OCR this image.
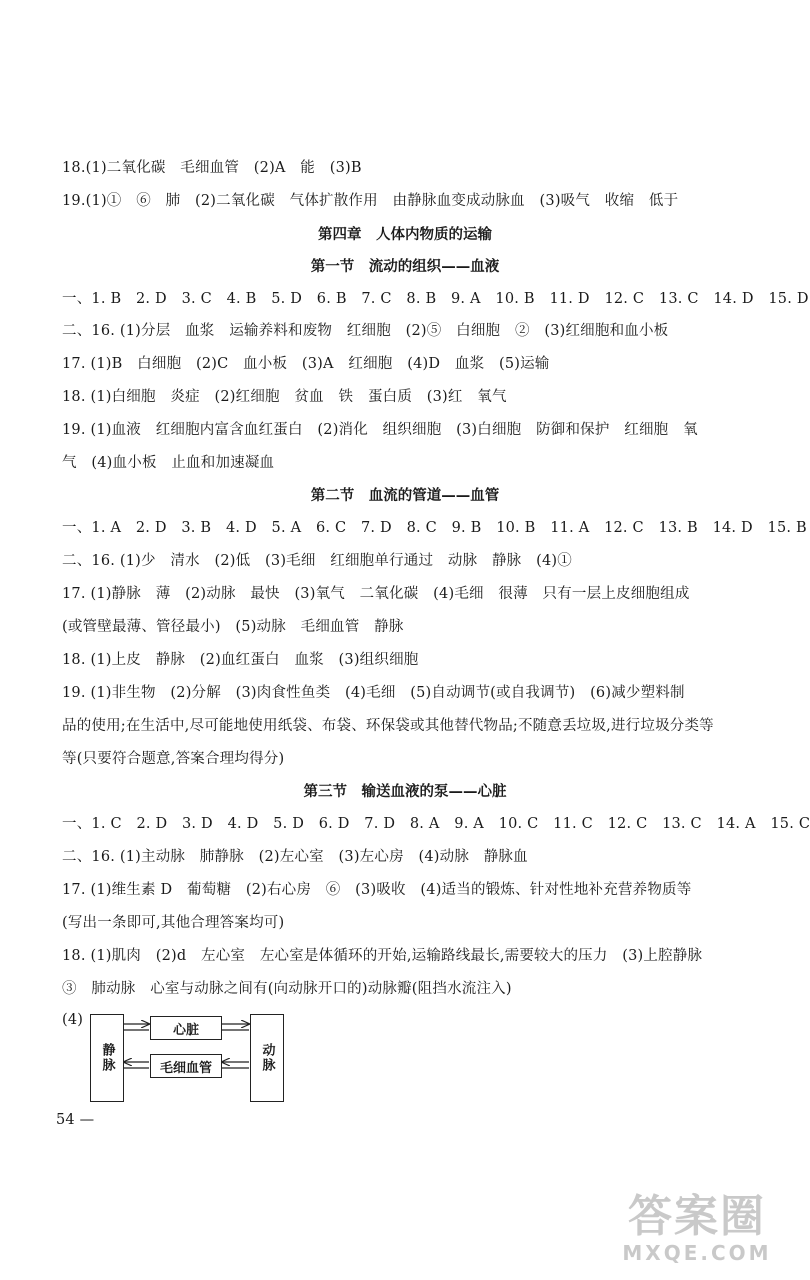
18.(1)二氧化碳　毛细血管　(2)A　能　(3)B
19.(1)①　⑥　肺　(2)二氧化碳　气体扩散作用　由静脉血变成动脉血　(3)吸气　收缩　低于
第四章　人体内物质的运输
第一节　流动的组织——血液
一、1. B　2. D　3. C　4. B　5. D　6. B　7. C　8. B　9. A　10. B　11. D　12. C　13. C　14. D　15. D
二、16. (1)分层　血浆　运输养料和废物　红细胞　(2)⑤　白细胞　②　(3)红细胞和血小板
17. (1)B　白细胞　(2)C　血小板　(3)A　红细胞　(4)D　血浆　(5)运输
18. (1)白细胞　炎症　(2)红细胞　贫血　铁　蛋白质　(3)红　氧气
19. (1)血液　红细胞内富含血红蛋白　(2)消化　组织细胞　(3)白细胞　防御和保护　红细胞　氧
气　(4)血小板　止血和加速凝血
第二节　血流的管道——血管
一、1. A　2. D　3. B　4. D　5. A　6. C　7. D　8. C　9. B　10. B　11. A　12. C　13. B　14. D　15. B
二、16. (1)少　清水　(2)低　(3)毛细　红细胞单行通过　动脉　静脉　(4)①
17. (1)静脉　薄　(2)动脉　最快　(3)氧气　二氧化碳　(4)毛细　很薄　只有一层上皮细胞组成
(或管壁最薄、管径最小)　(5)动脉　毛细血管　静脉
18. (1)上皮　静脉　(2)血红蛋白　血浆　(3)组织细胞
19. (1)非生物　(2)分解　(3)肉食性鱼类　(4)毛细　(5)自动调节(或自我调节)　(6)减少塑料制
品的使用;在生活中,尽可能地使用纸袋、布袋、环保袋或其他替代物品;不随意丢垃圾,进行垃圾分类等
等(只要符合题意,答案合理均得分)
第三节　输送血液的泵——心脏
一、1. C　2. D　3. D　4. D　5. D　6. D　7. D　8. A　9. A　10. C　11. C　12. C　13. C　14. A　15. C
二、16. (1)主动脉　肺静脉　(2)左心室　(3)左心房　(4)动脉　静脉血
17. (1)维生素 D　葡萄糖　(2)右心房　⑥　(3)吸收　(4)适当的锻炼、针对性地补充营养物质等
(写出一条即可,其他合理答案均可)
18. (1)肌肉　(2)d　左心室　左心室是体循环的开始,运输路线最长,需要较大的压力　(3)上腔静脉
③　肺动脉　心室与动脉之间有(向动脉开口的)动脉瓣(阻挡水流注入)
(4)
静脉
心脏
动脉
毛细血管
54 —
答案圈
MXQE.COM
